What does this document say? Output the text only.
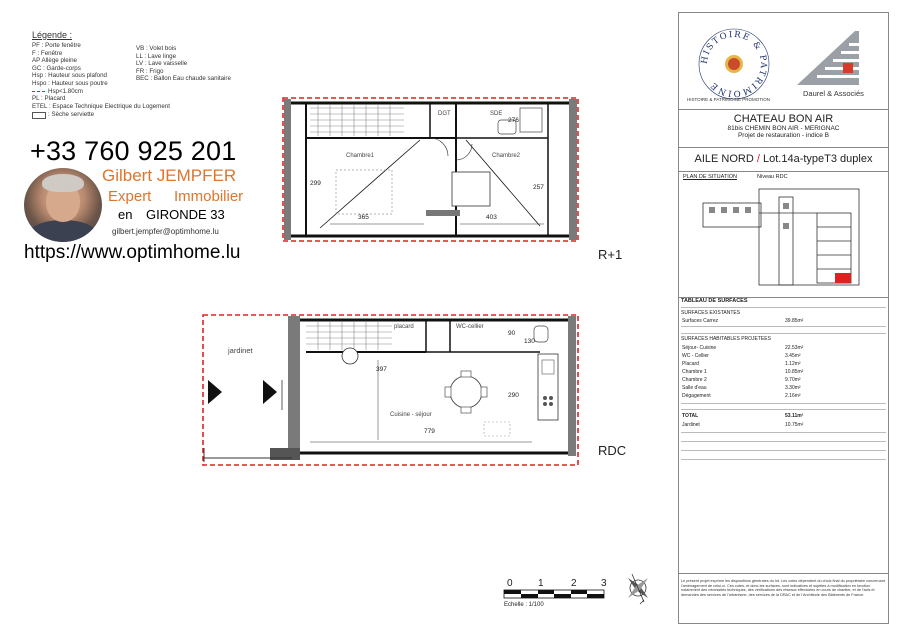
Légende :
PF : Porte fenêtre
F : Fenêtre
AP Allège pleine
GC : Garde-corps
Hsp : Hauteur sous plafond
Hspo : Hauteur sous poutre
Hsp<1.80cm
PL : Placard
ETEL : Espace Technique Electrique du Logement
: Sèche serviette
VB : Volet bois
LL : Lave linge
LV : Lave vaisselle
FR : Frigo
BEC : Ballon Eau chaude sanitaire
+33 760 925 201
Gilbert JEMPFER
Expert Immobilier
en GIRONDE 33
gilbert.jempfer@optimhome.lu
https://www.optimhome.lu
Chambre1	Chambre2
SDE
DGT
365	403
299
257
276
jardinet
placard	WC-cellier
Cuisine - séjour
779
397
290
130
90
R+1
RDC
0	1	2 3
Echelle : 1/100
HISTOIRE & PATRIMOINE
HISTOIRE & PATRIMOINE PROMOTION
Daurel & Associés
CHATEAU BON AIR
81bis CHEMIN BON AIR - MERIGNAC
Projet de restauration - indice B
AILE NORD / Lot.14a-typeT3 duplex
PLAN DE SITUATION	Niveau RDC
TABLEAU DE SURFACES
SURFACES EXISTANTES
Surfaces Carrez	39.85m²
SURFACES HABITABLES PROJETEES
Séjour- Cuisine	22.53m²
WC - Cellier	3.45m²
Placard	1.12m²
Chambre 1	10.85m²
Chambre 2	9.70m²
Salle d'eau	3.30m²
Dégagement	2.16m²
TOTAL	53.11m²
Jardinet	10.75m²
Le présent projet exprime les dispositions générales du lot. Les cotes dépendent du choix final du propriétaire concernant l'aménagement de celui-ci. Ces cotes, et donc les surfaces, sont indicatives et sujettes à modification en fonction notamment des nécessités techniques, des vérifications des réseaux effectuées en cours de chantier, et de l'avis et demandes des services de l'urbanisme, des services de la DRAC et de l'Architecte des Bâtiments de France.
